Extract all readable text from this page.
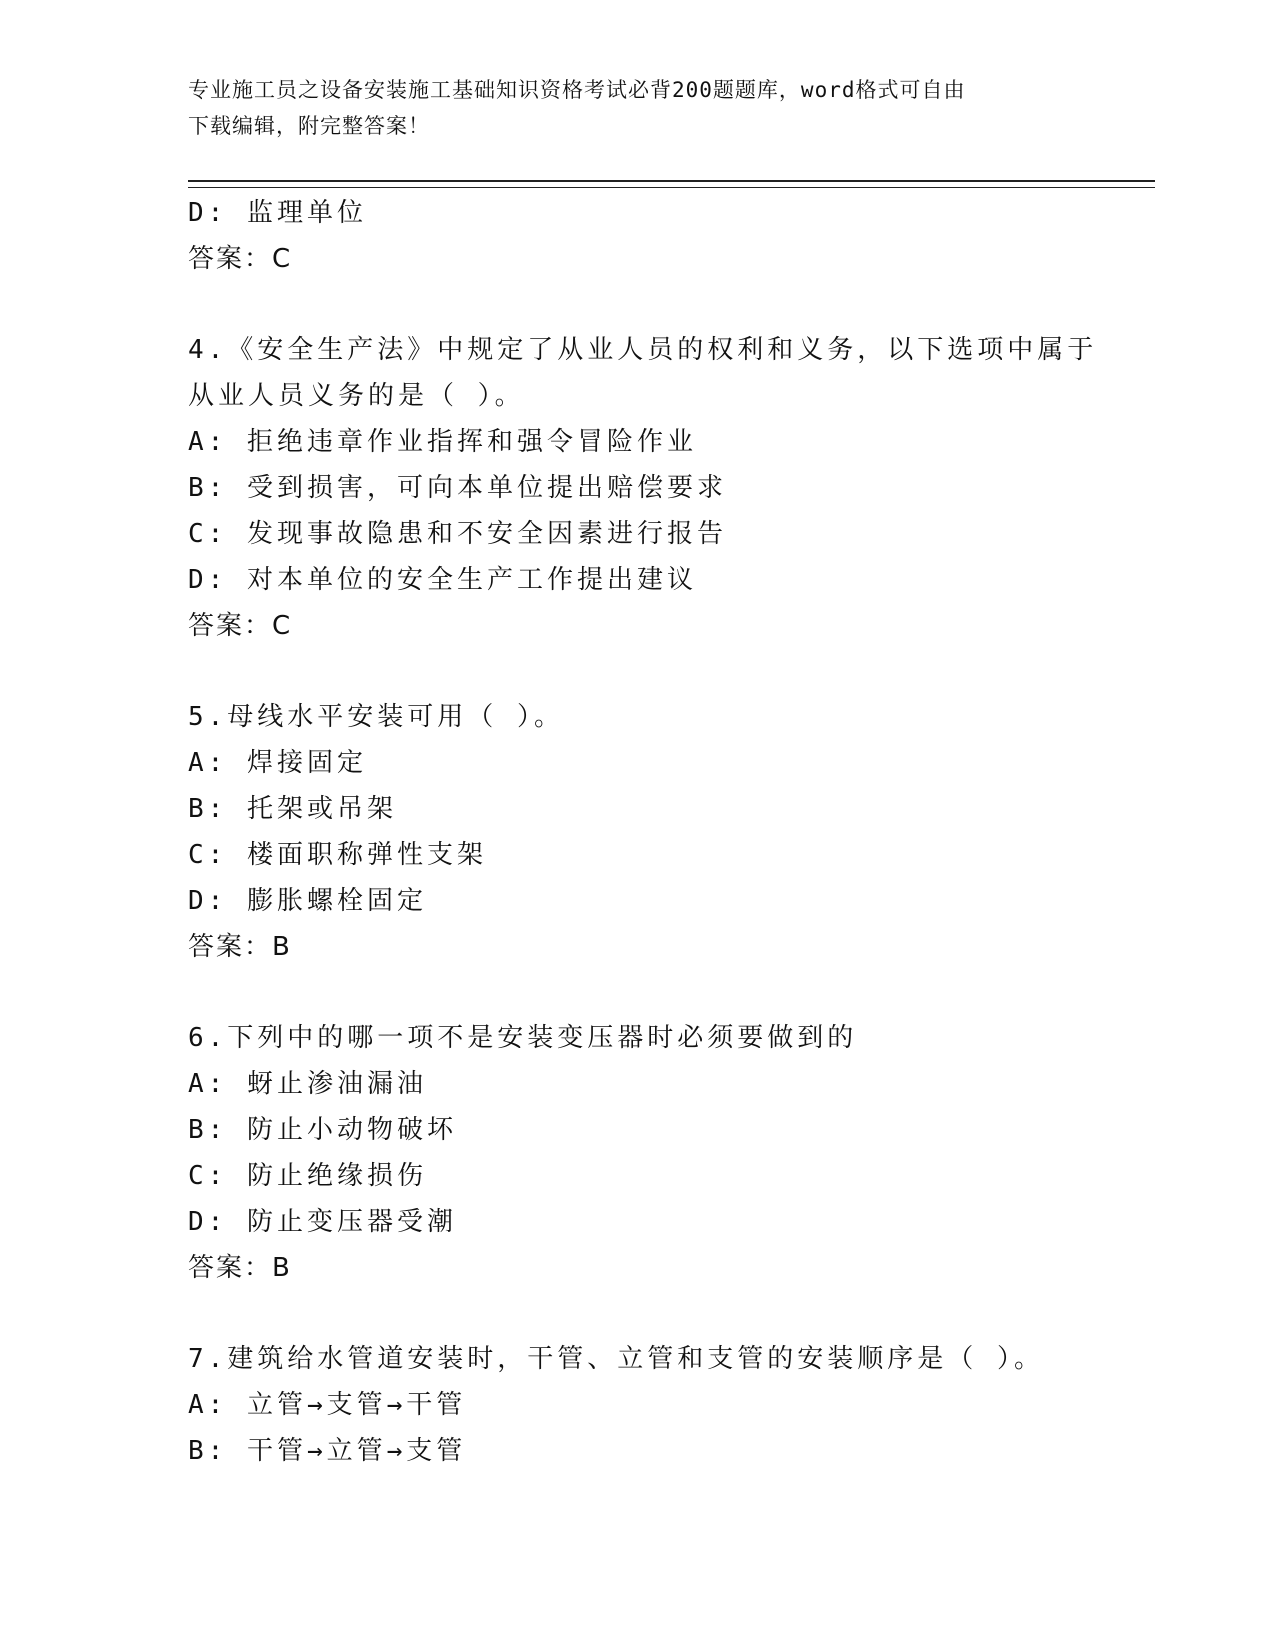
专业施工员之设备安装施工基础知识资格考试必背200题题库，word格式可自由
下载编辑，附完整答案！
D: 监理单位
答案：C
4.《安全生产法》中规定了从业人员的权利和义务，以下选项中属于
从业人员义务的是（ ）。
A: 拒绝违章作业指挥和强令冒险作业
B: 受到损害，可向本单位提出赔偿要求
C: 发现事故隐患和不安全因素进行报告
D: 对本单位的安全生产工作提出建议
答案：C
5.母线水平安装可用（ ）。
A: 焊接固定
B: 托架或吊架
C: 楼面职称弹性支架
D: 膨胀螺栓固定
答案：B
6.下列中的哪一项不是安装变压器时必须要做到的
A: 蚜止渗油漏油
B: 防止小动物破坏
C: 防止绝缘损伤
D: 防止变压器受潮
答案：B
7.建筑给水管道安装时，干管、立管和支管的安装顺序是（ ）。
A: 立管→支管→干管
B: 干管→立管→支管
